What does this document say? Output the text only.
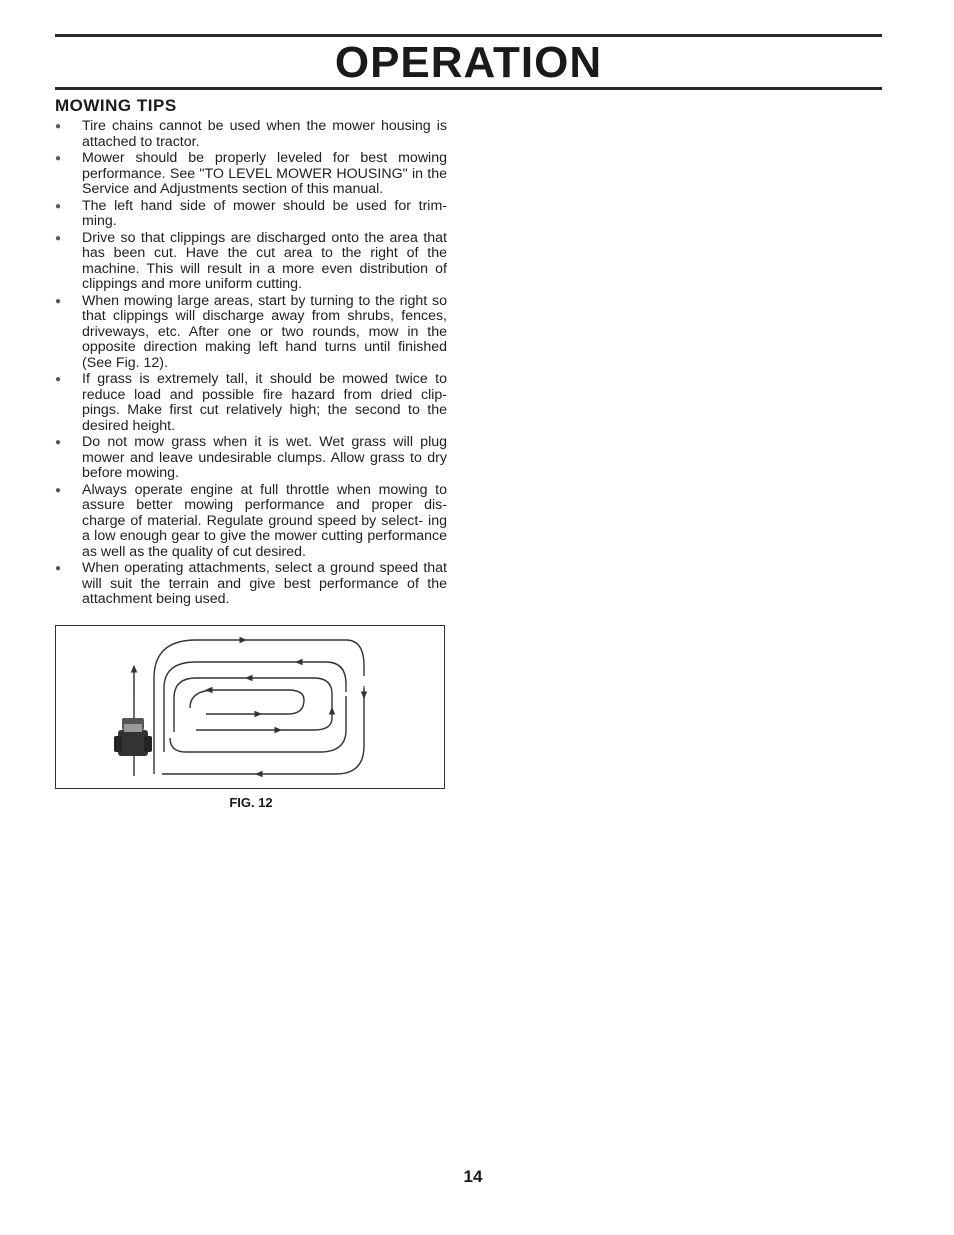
OPERATION
MOWING TIPS
● Tire chains cannot be used when the mower housing is attached to tractor.
● Mower should be properly leveled for best mowing performance. See "TO LEVEL MOWER HOUSING" in the Service and Adjustments section of this manual.
● The left hand side of mower should be used for trim- ming.
● Drive so that clippings are discharged onto the area that has been cut. Have the cut area to the right of the machine. This will result in a more even distribution of clippings and more uniform cutting.
● When mowing large areas, start by turning to the right so that clippings will discharge away from shrubs, fences, driveways, etc. After one or two rounds, mow in the opposite direction making left hand turns until finished (See Fig. 12).
● If grass is extremely tall, it should be mowed twice to reduce load and possible fire hazard from dried clip- pings. Make first cut relatively high; the second to the desired height.
● Do not mow grass when it is wet. Wet grass will plug mower and leave undesirable clumps. Allow grass to dry before mowing.
● Always operate engine at full throttle when mowing to assure better mowing performance and proper dis- charge of material. Regulate ground speed by select- ing a low enough gear to give the mower cutting performance as well as the quality of cut desired.
● When operating attachments, select a ground speed that will suit the terrain and give best performance of the attachment being used.
FIG. 12
14
